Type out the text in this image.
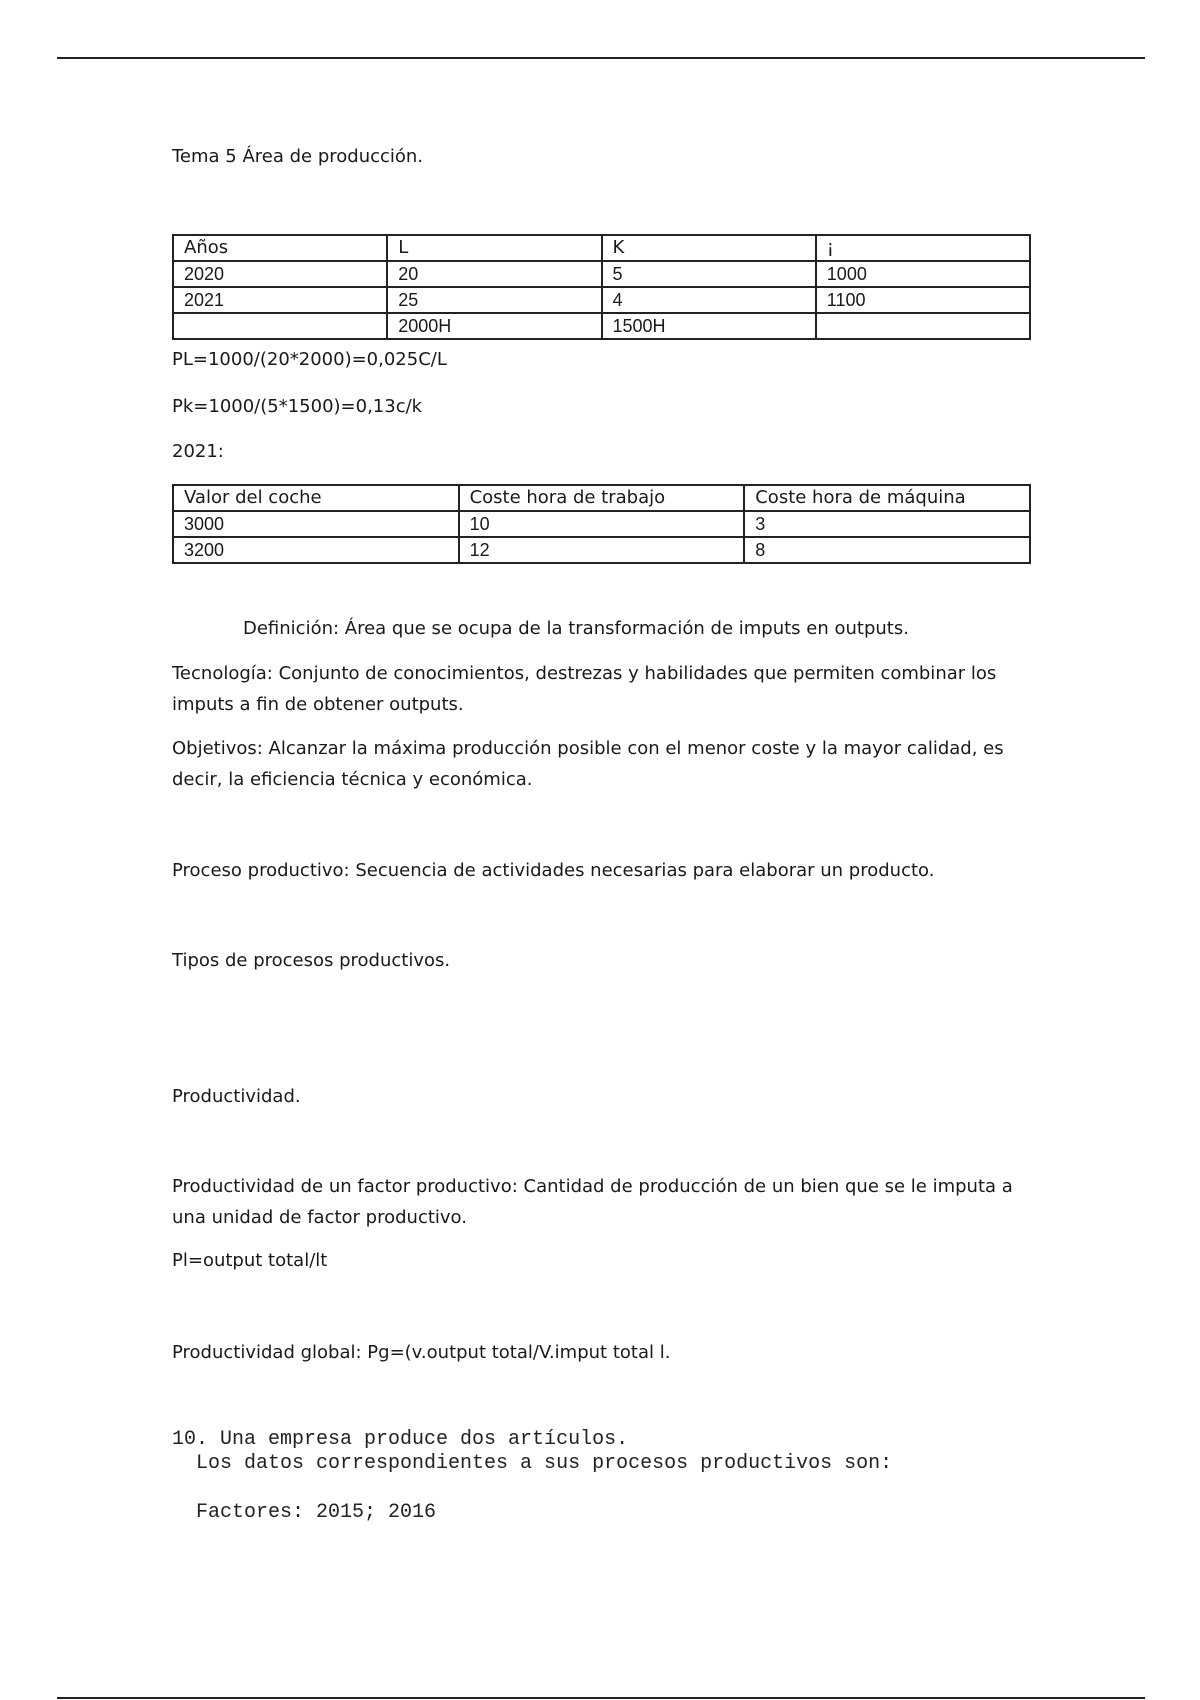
Tema 5 Área de producción.
Años	L	K	¡
2020	20	5	1000
2021	25	4	1100
	2000H	1500H	
PL=1000/(20*2000)=0,025C/L
Pk=1000/(5*1500)=0,13c/k
2021:
Valor del coche	Coste hora de trabajo	Coste hora de máquina
3000	10	3
3200	12	8
Definición: Área que se ocupa de la transformación de imputs en outputs.
Tecnología: Conjunto de conocimientos, destrezas y habilidades que permiten combinar los imputs a fin de obtener outputs.
Objetivos: Alcanzar la máxima producción posible con el menor coste y la mayor calidad, es decir, la eficiencia técnica y económica.
Proceso productivo: Secuencia de actividades necesarias para elaborar un producto.
Tipos de procesos productivos.
Productividad.
Productividad de un factor productivo: Cantidad de producción de un bien que se le imputa a una unidad de factor productivo.
Pl=output total/lt
Productividad global: Pg=(v.output total/V.imput total l.
10. Una empresa produce dos artículos.
Los datos correspondientes a sus procesos productivos son:
Factores: 2015; 2016
